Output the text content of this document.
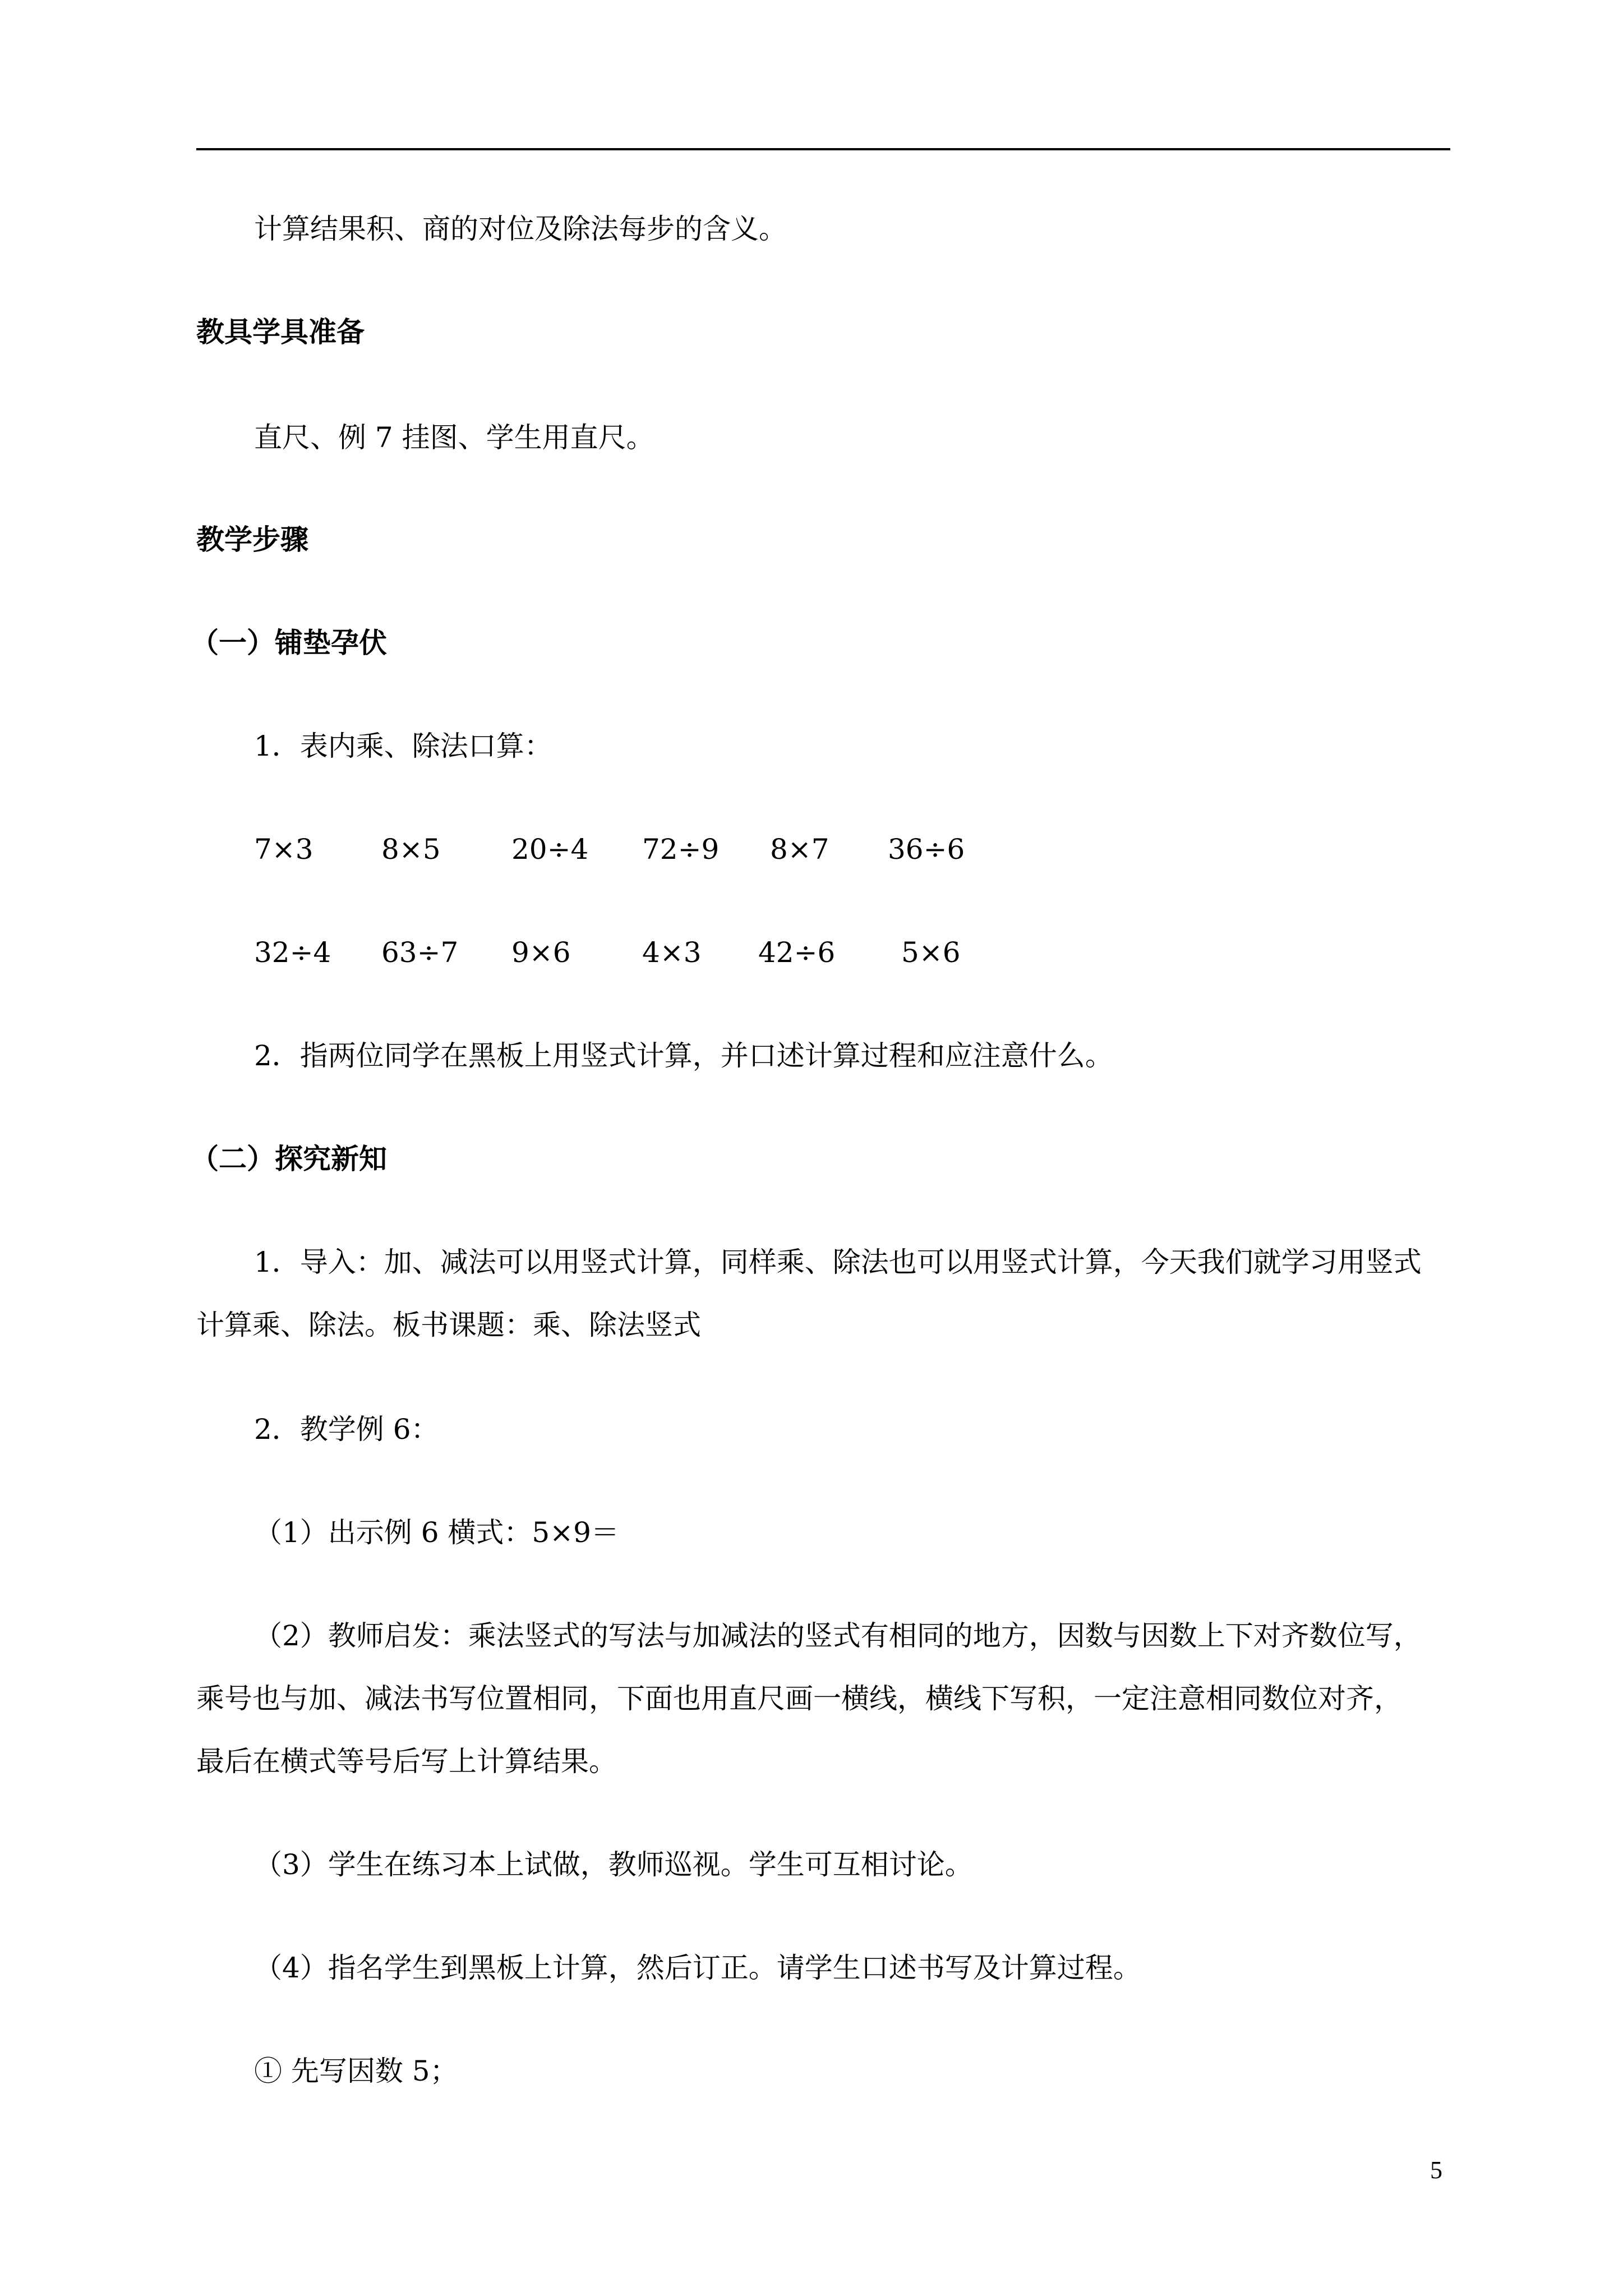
计算结果积、商的对位及除法每步的含义。

教具学具准备

直尺、例 7 挂图、学生用直尺。

教学步骤

（一）铺垫孕伏

1．表内乘、除法口算：

7×3 8×5	20÷4 72÷9 8×7 36÷6
32÷4 63÷7 9×6	4×3 42÷6 5×6

2．指两位同学在黑板上用竖式计算，并口述计算过程和应注意什么。

（二）探究新知

1．导入：加、减法可以用竖式计算，同样乘、除法也可以用竖式计算，今天我们就学习用竖式

计算乘、除法。板书课题：乘、除法竖式

2．教学例 6：

（1）出示例 6 横式：5×9＝

（2）教师启发：乘法竖式的写法与加减法的竖式有相同的地方，因数与因数上下对齐数位写，

乘号也与加、减法书写位置相同，下面也用直尺画一横线，横线下写积，一定注意相同数位对齐，

最后在横式等号后写上计算结果。

（3）学生在练习本上试做，教师巡视。学生可互相讨论。

（4）指名学生到黑板上计算，然后订正。请学生口述书写及计算过程。

① 先写因数 5；

5
